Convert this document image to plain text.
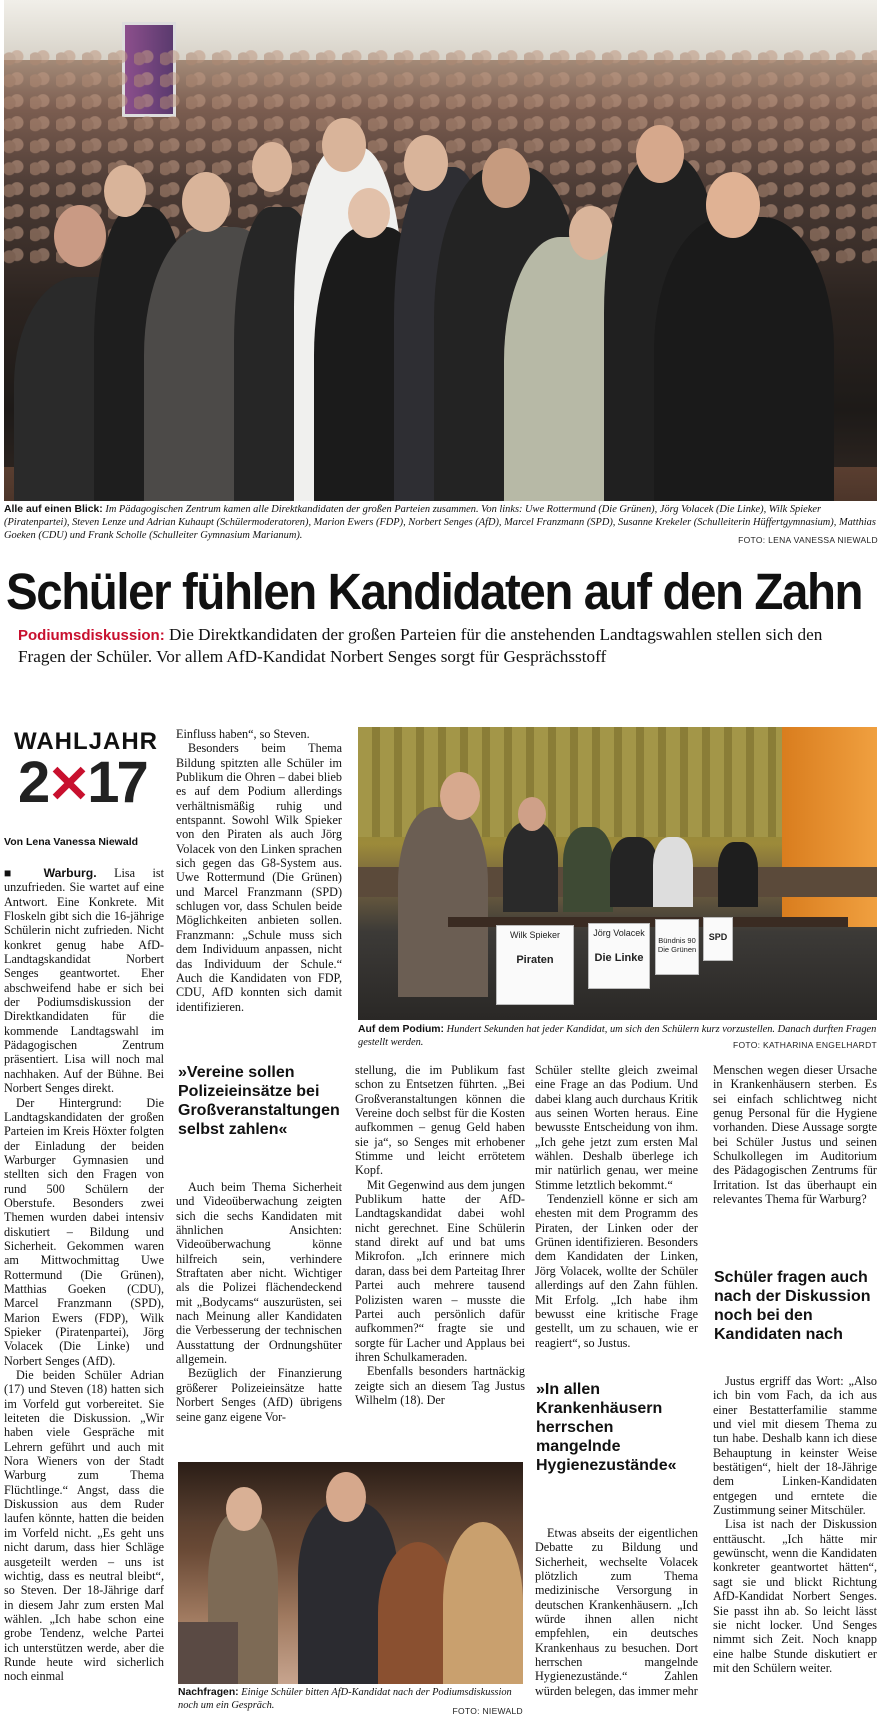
Alle auf einen Blick: Im Pädagogischen Zentrum kamen alle Direktkandidaten der großen Parteien zusammen. Von links: Uwe Rottermund (Die Grünen), Jörg Volacek (Die Linke), Wilk Spieker (Piratenpartei), Steven Lenze und Adrian Kuhaupt (Schülermoderatoren), Marion Ewers (FDP), Norbert Senges (AfD), Marcel Franzmann (SPD), Susanne Krekeler (Schulleiterin Hüffertgymnasium), Matthias Goeken (CDU) und Frank Scholle (Schulleiter Gymnasium Marianum).	FOTO: LENA VANESSA NIEWALD
Schüler fühlen Kandidaten auf den Zahn
Podiumsdiskussion: Die Direktkandidaten der großen Parteien für die anstehenden Landtagswahlen stellen sich den Fragen der Schüler. Vor allem AfD-Kandidat Norbert Senges sorgt für Gesprächsstoff
WAHLJAHR
2✕17
Von Lena Vanessa Niewald

■ Warburg. Lisa ist unzufrieden. Sie wartet auf eine Antwort. Eine Konkrete. Mit Floskeln gibt sich die 16-jährige Schülerin nicht zufrieden. Nicht konkret genug habe AfD-Landtagskandidat Norbert Senges geantwortet. Eher abschweifend habe er sich bei der Podiumsdiskussion der Direktkandidaten für die kommende Landtagswahl im Pädagogischen Zentrum präsentiert. Lisa will noch mal nachhaken. Auf der Bühne. Bei Norbert Senges direkt.

Der Hintergrund: Die Landtagskandidaten der großen Parteien im Kreis Höxter folgten der Einladung der beiden Warburger Gymnasien und stellten sich den Fragen von rund 500 Schülern der Oberstufe. Besonders zwei Themen wurden dabei intensiv diskutiert – Bildung und Sicherheit. Gekommen waren am Mittwochmittag Uwe Rottermund (Die Grünen), Matthias Goeken (CDU), Marcel Franzmann (SPD), Marion Ewers (FDP), Wilk Spieker (Piratenpartei), Jörg Volacek (Die Linke) und Norbert Senges (AfD).

Die beiden Schüler Adrian (17) und Steven (18) hatten sich im Vorfeld gut vorbereitet. Sie leiteten die Diskussion. „Wir haben viele Gespräche mit Lehrern geführt und auch mit Nora Wieners von der Stadt Warburg zum Thema Flüchtlinge.“ Angst, dass die Diskussion aus dem Ruder laufen könnte, hatten die beiden im Vorfeld nicht. „Es geht uns nicht darum, dass hier Schläge ausgeteilt werden – uns ist wichtig, dass es neutral bleibt“, so Steven. Der 18-Jährige darf in diesem Jahr zum ersten Mal wählen. „Ich habe schon eine grobe Tendenz, welche Partei ich unterstützen werde, aber die Runde heute wird sicherlich noch einmal

Einfluss haben“, so Steven.

Besonders beim Thema Bildung spitzten alle Schüler im Publikum die Ohren – dabei blieb es auf dem Podium allerdings verhältnismäßig ruhig und entspannt. Sowohl Wilk Spieker von den Piraten als auch Jörg Volacek von den Linken sprachen sich gegen das G8-System aus. Uwe Rottermund (Die Grünen) und Marcel Franzmann (SPD) schlugen vor, dass Schulen beide Möglichkeiten anbieten sollen. Franzmann: „Schule muss sich dem Individuum anpassen, nicht das Individuum der Schule.“ Auch die Kandidaten von FDP, CDU, AfD konnten sich damit identifizieren.

Wilk Spieker
Piraten
Jörg Volacek
Die Linke
Bündnis 90 Die Grünen
SPD
Auf dem Podium: Hundert Sekunden hat jeder Kandidat, um sich den Schülern kurz vorzustellen. Danach durften Fragen gestellt werden.	FOTO: KATHARINA ENGELHARDT
»Vereine sollen Polizeieinsätze bei Großveranstaltungen selbst zahlen«

Auch beim Thema Sicherheit und Videoüberwachung zeigten sich die sechs Kandidaten mit ähnlichen Ansichten: Videoüberwachung könne hilfreich sein, verhindere Straftaten aber nicht. Wichtiger als die Polizei flächendeckend mit „Bodycams“ auszurüsten, sei nach Meinung aller Kandidaten die Verbesserung der technischen Ausstattung der Ordnungshüter allgemein.

Bezüglich der Finanzierung größerer Polizeieinsätze hatte Norbert Senges (AfD) übrigens seine ganz eigene Vor-

stellung, die im Publikum fast schon zu Entsetzen führten. „Bei Großveranstaltungen können die Vereine doch selbst für die Kosten aufkommen – genug Geld haben sie ja“, so Senges mit erhobener Stimme und leicht errötetem Kopf.

Mit Gegenwind aus dem jungen Publikum hatte der AfD-Landtagskandidat dabei wohl nicht gerechnet. Eine Schülerin stand direkt auf und bat ums Mikrofon. „Ich erinnere mich daran, dass bei dem Parteitag Ihrer Partei auch mehrere tausend Polizisten waren – musste die Partei auch persönlich dafür aufkommen?“ fragte sie und sorgte für Lacher und Applaus bei ihren Schulkameraden.

Ebenfalls besonders hartnäckig zeigte sich an diesem Tag Justus Wilhelm (18). Der

Nachfragen: Einige Schüler bitten AfD-Kandidat nach der Podiumsdiskussion noch um ein Gespräch.	FOTO: NIEWALD

Schüler stellte gleich zweimal eine Frage an das Podium. Und dabei klang auch durchaus Kritik aus seinen Worten heraus. Eine bewusste Entscheidung von ihm. „Ich gehe jetzt zum ersten Mal wählen. Deshalb überlege ich mir natürlich genau, wer meine Stimme letztlich bekommt.“

Tendenziell könne er sich am ehesten mit dem Programm des Piraten, der Linken oder der Grünen identifizieren. Besonders dem Kandidaten der Linken, Jörg Volacek, wollte der Schüler allerdings auf den Zahn fühlen. Mit Erfolg. „Ich habe ihm bewusst eine kritische Frage gestellt, um zu schauen, wie er reagiert“, so Justus.

»In allen Krankenhäusern herrschen mangelnde Hygienezustände«

Etwas abseits der eigentlichen Debatte zu Bildung und Sicherheit, wechselte Volacek plötzlich zum Thema medizinische Versorgung in deutschen Krankenhäusern. „Ich würde ihnen allen nicht empfehlen, ein deutsches Krankenhaus zu besuchen. Dort herrschen mangelnde Hygienezustände.“ Zahlen würden belegen, das immer mehr

Menschen wegen dieser Ursache in Krankenhäusern sterben. Es sei einfach schlichtweg nicht genug Personal für die Hygiene vorhanden. Diese Aussage sorgte bei Schüler Justus und seinen Schulkollegen im Auditorium des Pädagogischen Zentrums für Irritation. Ist das überhaupt ein relevantes Thema für Warburg?

Schüler fragen auch nach der Diskussion noch bei den Kandidaten nach

Justus ergriff das Wort: „Also ich bin vom Fach, da ich aus einer Bestatterfamilie stamme und viel mit diesem Thema zu tun habe. Deshalb kann ich diese Behauptung in keinster Weise bestätigen“, hielt der 18-Jährige dem Linken-Kandidaten entgegen und erntete die Zustimmung seiner Mitschüler.

Lisa ist nach der Diskussion enttäuscht. „Ich hätte mir gewünscht, wenn die Kandidaten konkreter geantwortet hätten“, sagt sie und blickt Richtung AfD-Kandidat Norbert Senges. Sie passt ihn ab. So leicht lässt sie nicht locker. Und Senges nimmt sich Zeit. Noch knapp eine halbe Stunde diskutiert er mit den Schülern weiter.
